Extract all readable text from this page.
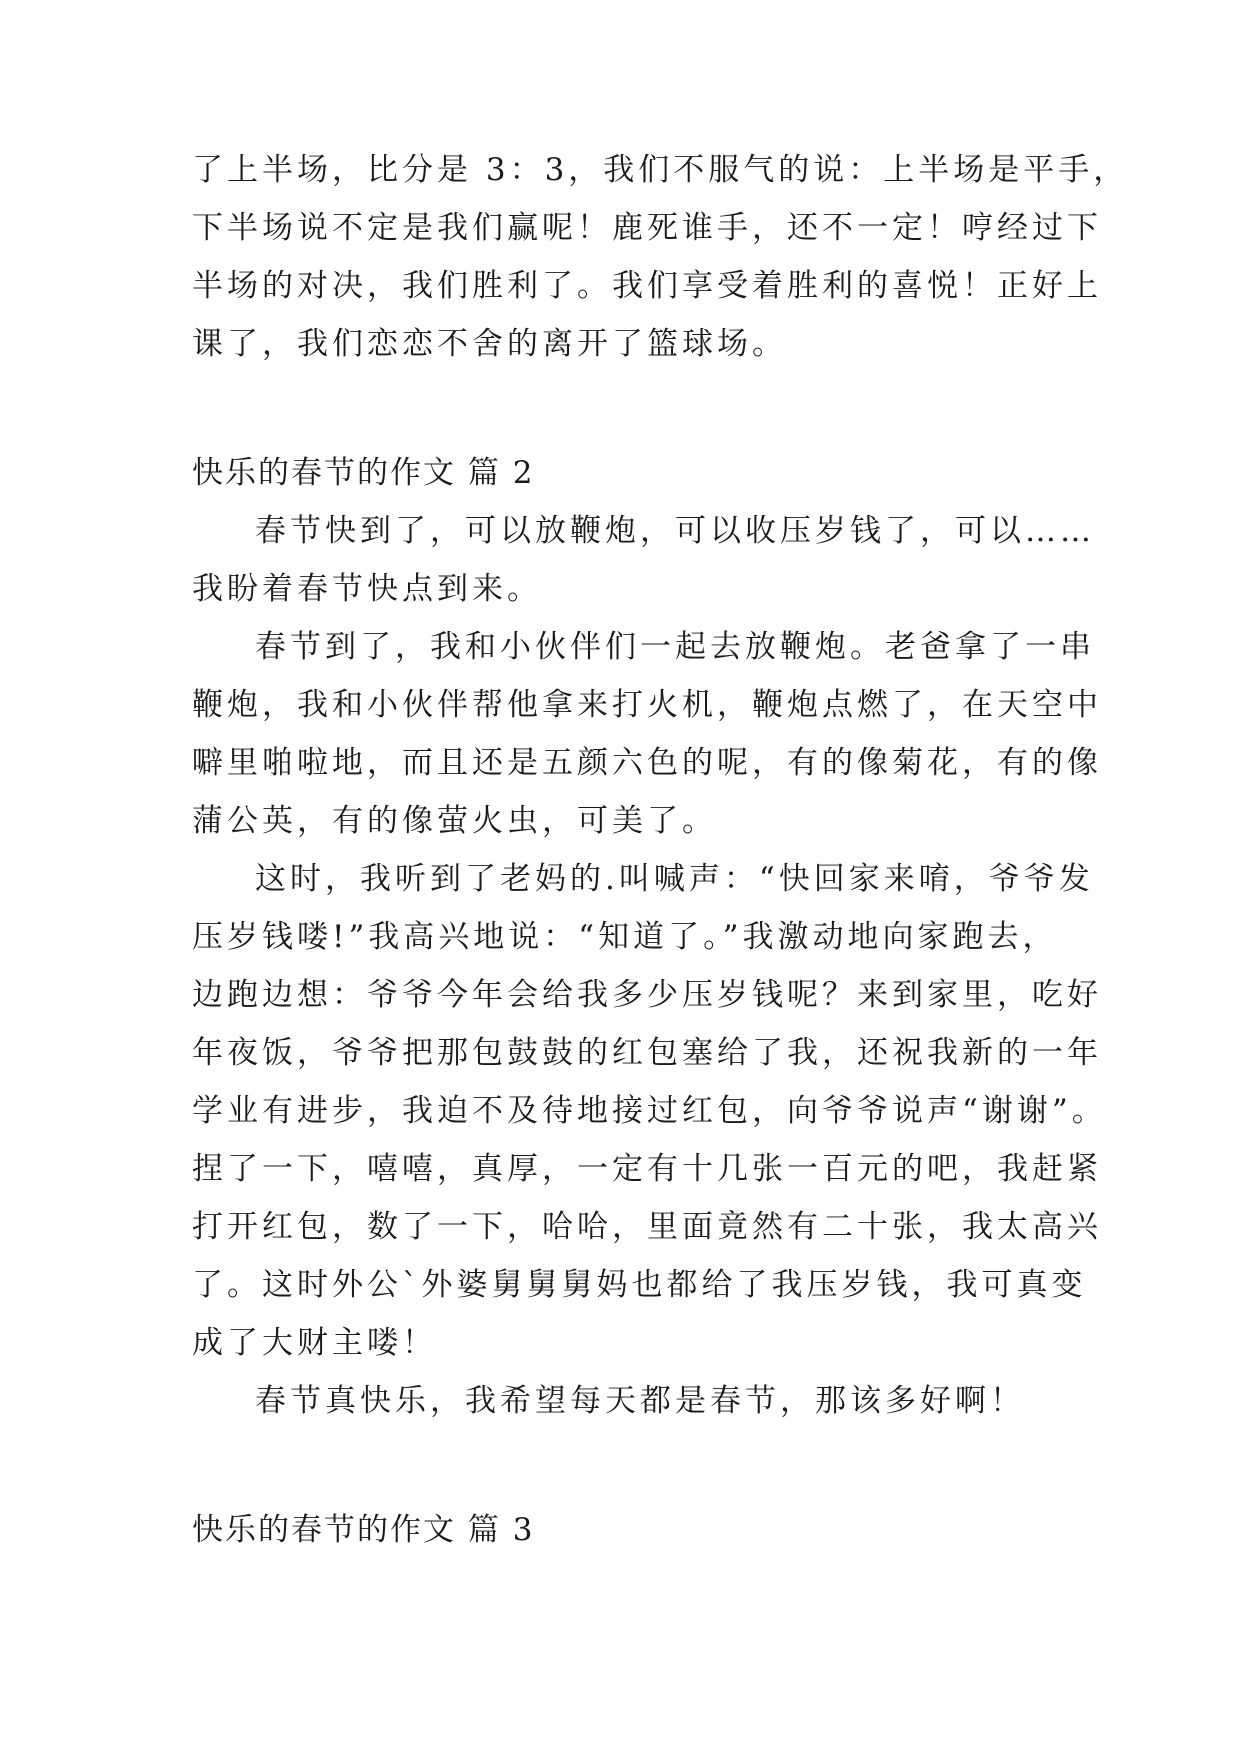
了上半场，比分是 3：3，我们不服气的说：上半场是平手，
下半场说不定是我们赢呢！鹿死谁手，还不一定！哼经过下
半场的对决，我们胜利了。我们享受着胜利的喜悦！正好上
课了，我们恋恋不舍的离开了篮球场。
快乐的春节的作文 篇 2
春节快到了，可以放鞭炮，可以收压岁钱了，可以……
我盼着春节快点到来。
春节到了，我和小伙伴们一起去放鞭炮。老爸拿了一串
鞭炮，我和小伙伴帮他拿来打火机，鞭炮点燃了，在天空中
噼里啪啦地，而且还是五颜六色的呢，有的像菊花，有的像
蒲公英，有的像萤火虫，可美了。
这时，我听到了老妈的.叫喊声：“快回家来唷，爷爷发
压岁钱喽!”我高兴地说：“知道了。”我激动地向家跑去，
边跑边想：爷爷今年会给我多少压岁钱呢？来到家里，吃好
年夜饭，爷爷把那包鼓鼓的红包塞给了我，还祝我新的一年
学业有进步，我迫不及待地接过红包，向爷爷说声“谢谢”。
捏了一下，嘻嘻，真厚，一定有十几张一百元的吧，我赶紧
打开红包，数了一下，哈哈，里面竟然有二十张，我太高兴
了。这时外公`外婆舅舅舅妈也都给了我压岁钱，我可真变
成了大财主喽！
春节真快乐，我希望每天都是春节，那该多好啊！
快乐的春节的作文 篇 3
